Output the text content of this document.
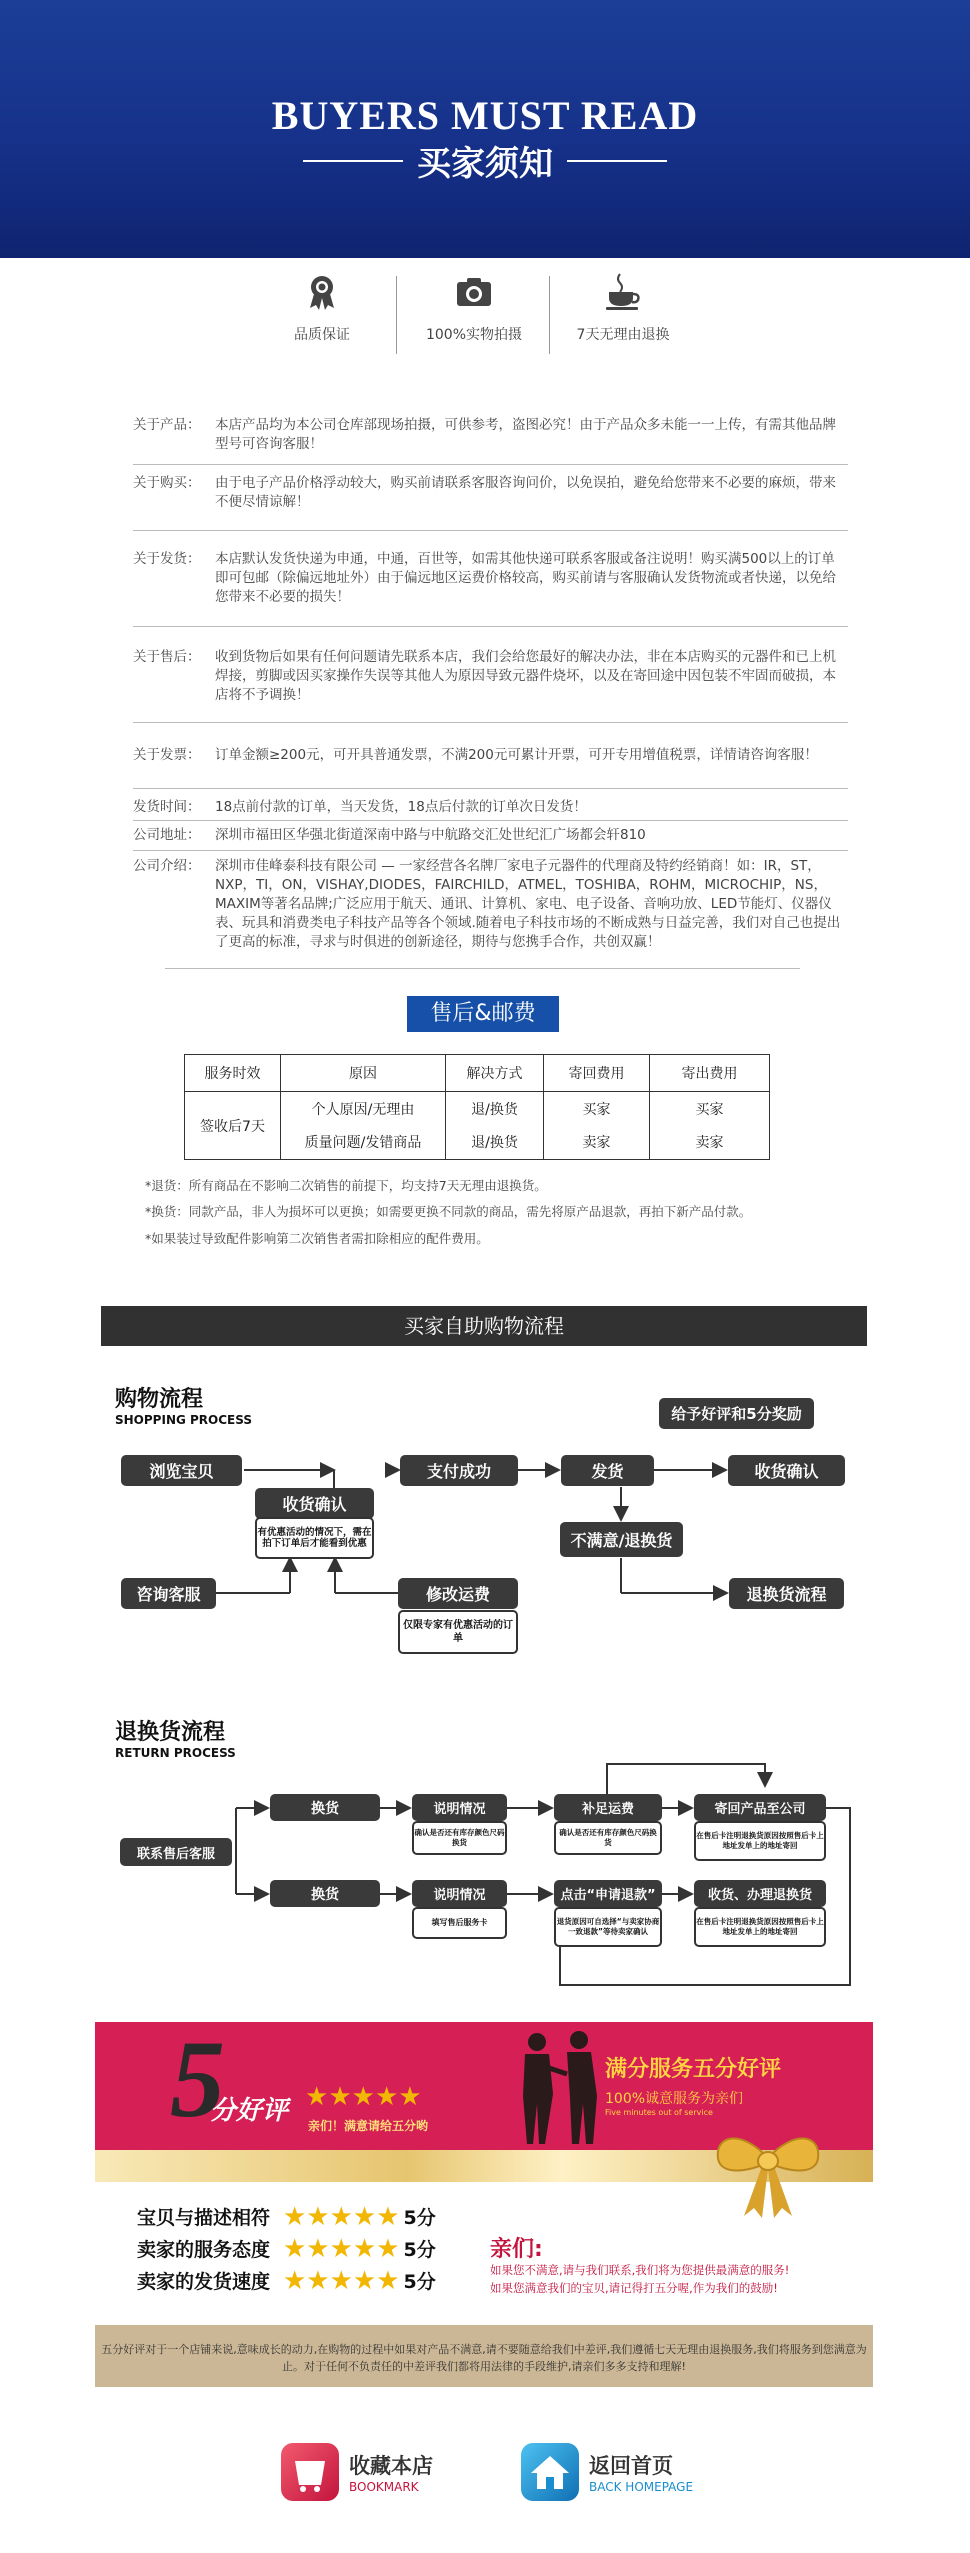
BUYERS MUST READ
买家须知
品质保证	100%实物拍摄	7天无理由退换
关于产品：	本店产品均为本公司仓库部现场拍摄，可供参考，盗图必究！由于产品众多未能一一上传，有需其他品牌型号可咨询客服！
关于购买：	由于电子产品价格浮动较大，购买前请联系客服咨询问价，以免误拍，避免给您带来不必要的麻烦，带来不便尽情谅解！
关于发货：	本店默认发货快递为申通，中通，百世等，如需其他快递可联系客服或备注说明！购买满500以上的订单即可包邮（除偏远地址外）由于偏远地区运费价格较高，购买前请与客服确认发货物流或者快递，以免给您带来不必要的损失！
关于售后：	收到货物后如果有任何问题请先联系本店，我们会给您最好的解决办法，非在本店购买的元器件和已上机焊接，剪脚或因买家操作失误等其他人为原因导致元器件烧坏，以及在寄回途中因包装不牢固而破损，本店将不予调换！
关于发票：	订单金额≥200元，可开具普通发票，不满200元可累计开票，可开专用增值税票，详情请咨询客服！
发货时间：	18点前付款的订单，当天发货，18点后付款的订单次日发货！
公司地址：	深圳市福田区华强北街道深南中路与中航路交汇处世纪汇广场都会轩810
公司介绍：	深圳市佳峰泰科技有限公司 — 一家经营各名牌厂家电子元器件的代理商及特约经销商！如：IR，ST，NXP，TI，ON，VISHAY,DIODES，FAIRCHILD，ATMEL，TOSHIBA，ROHM，MICROCHIP，NS，MAXIM等著名品牌;广泛应用于航天、通讯、计算机、家电、电子设备、音响功放、LED节能灯、仪器仪表、玩具和消费类电子科技产品等各个领域.随着电子科技市场的不断成熟与日益完善，我们对自己也提出了更高的标准，寻求与时俱进的创新途径，期待与您携手合作，共创双赢！
售后&邮费
服务时效	原因	解决方式	寄回费用	寄出费用
签收后7天	个人原因/无理由	退/换货	买家	买家
	质量问题/发错商品	退/换货	卖家	卖家
*退货：所有商品在不影响二次销售的前提下，均支持7天无理由退换货。
*换货：同款产品，非人为损坏可以更换；如需要更换不同款的商品，需先将原产品退款，再拍下新产品付款。
*如果装过导致配件影响第二次销售者需扣除相应的配件费用。
买家自助购物流程
购物流程
SHOPPING PROCESS
浏览宝贝
咨询客服
收货确认
有优惠活动的情况下，需在拍下订单后才能看到优惠
支付成功
修改运费
仅限专家有优惠活动的订单
发货
不满意/退换货
收货确认
退换货流程
给予好评和5分奖励
退换货流程
RETURN PROCESS
联系售后客服
换货
换货
说明情况
确认是否还有库存颜色尺码换货
说明情况
填写售后服务卡
补足运费
确认是否还有库存颜色尺码换货
点击“申请退款”
退货原因可自选择“与卖家协商一致退款”等待卖家确认
寄回产品至公司
在售后卡注明退换货原因按照售后卡上地址发单上的地址寄回
收货、办理退换货
在售后卡注明退换货原因按照售后卡上地址发单上的地址寄回
5
分好评 ★★★★★
亲们！满意请给五分哟
满分服务五分好评
100%诚意服务为亲们
Five minutes out of service
宝贝与描述相符 ★★★★★ 5分
卖家的服务态度 ★★★★★ 5分
卖家的发货速度 ★★★★★ 5分
亲们:
如果您不满意,请与我们联系,我们将为您提供最满意的服务!
如果您满意我们的宝贝,请记得打五分喔,作为我们的鼓励!
五分好评对于一个店铺来说,意味成长的动力,在购物的过程中如果对产品不满意,请不要随意给我们中差评,我们遵循七天无理由退换服务,我们将服务到您满意为止。对于任何不负责任的中差评我们都将用法律的手段维护,请亲们多多支持和理解!
收藏本店
BOOKMARK
返回首页
BACK HOMEPAGE
